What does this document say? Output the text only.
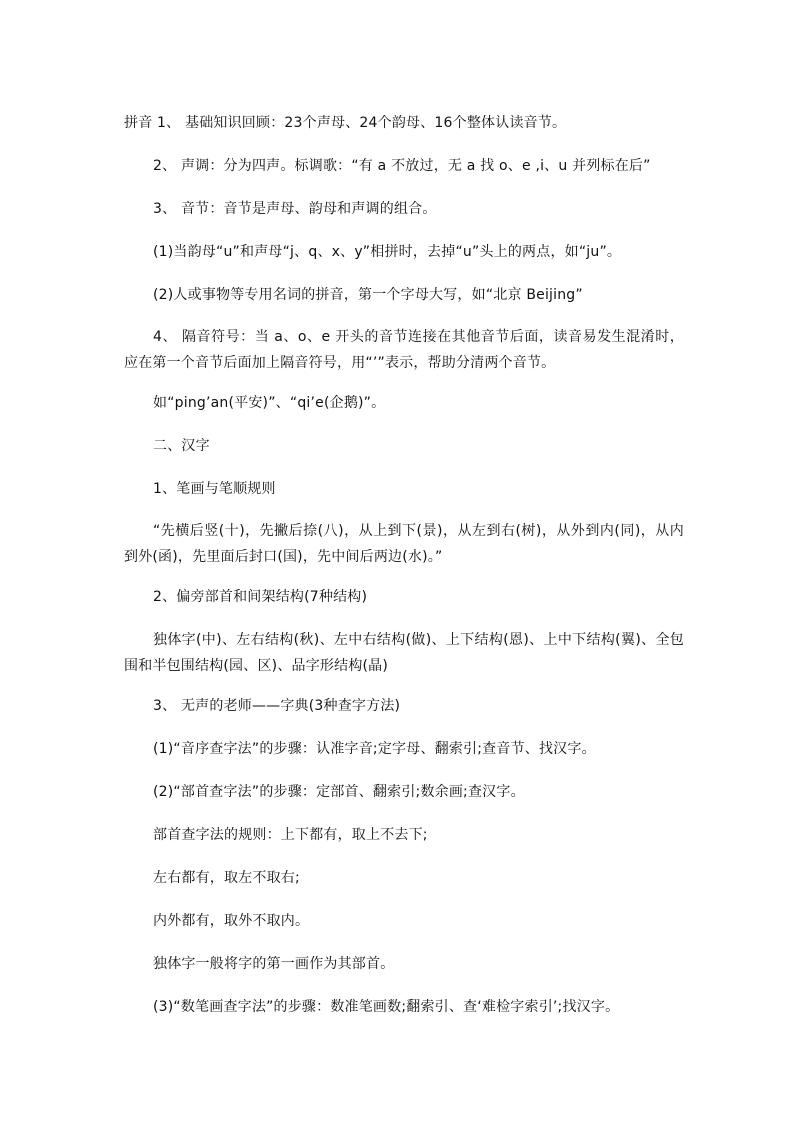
拼音 1、 基础知识回顾：23个声母、24个韵母、16个整体认读音节。
2、 声调：分为四声。标调歌：“有 a 不放过，无 a 找 o、e ,i、u 并列标在后”
3、 音节：音节是声母、韵母和声调的组合。
(1)当韵母“u”和声母“j、q、x、y”相拼时，去掉“u”头上的两点，如“ju”。
(2)人或事物等专用名词的拼音，第一个字母大写，如“北京 Beijing”
4、 隔音符号：当 a、o、e 开头的音节连接在其他音节后面，读音易发生混淆时，应在第一个音节后面加上隔音符号，用“’”表示，帮助分清两个音节。
如“ping’an(平安)”、“qi’e(企鹅)”。
二、汉字
1、笔画与笔顺规则
“先横后竖(十)，先撇后捺(八)，从上到下(景)，从左到右(树)，从外到内(同)，从内到外(函)，先里面后封口(国)，先中间后两边(水)。”
2、偏旁部首和间架结构(7种结构)
独体字(中)、左右结构(秋)、左中右结构(做)、上下结构(恩)、上中下结构(翼)、全包围和半包围结构(园、区)、品字形结构(晶)
3、 无声的老师——字典(3种查字方法)
(1)“音序查字法”的步骤：认准字音;定字母、翻索引;查音节、找汉字。
(2)“部首查字法”的步骤：定部首、翻索引;数余画;查汉字。
部首查字法的规则：上下都有，取上不去下;
左右都有，取左不取右;
内外都有，取外不取内。
独体字一般将字的第一画作为其部首。
(3)“数笔画查字法”的步骤：数准笔画数;翻索引、查‘难检字索引’;找汉字。
